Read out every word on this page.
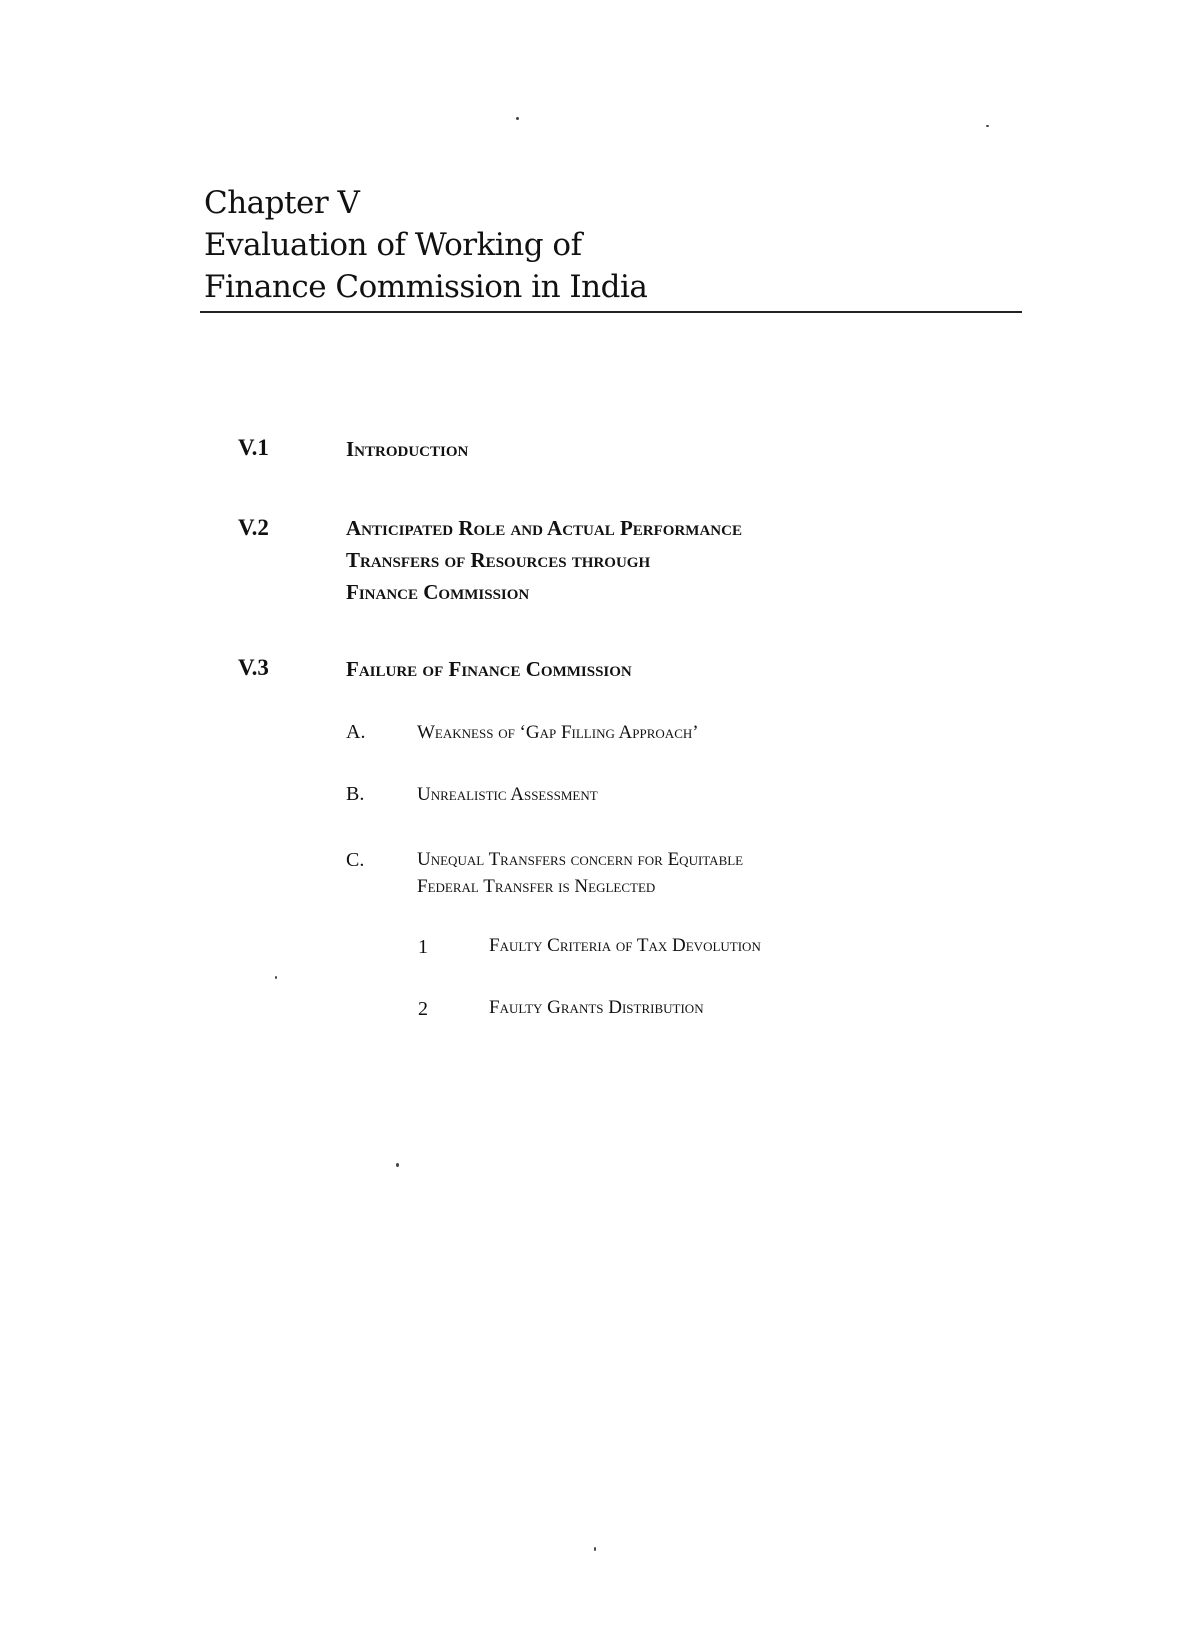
Chapter V
Evaluation of Working of
Finance Commission in India
V.1	Introduction
V.2	Anticipated Role and Actual Performance
Transfers of Resources through
Finance Commission
V.3	Failure of Finance Commission
A.	Weakness of ‘Gap Filling Approach’
B.	Unrealistic Assessment
C.	Unequal Transfers concern for Equitable
Federal Transfer is Neglected
1	Faulty Criteria of Tax Devolution
2	Faulty Grants Distribution
